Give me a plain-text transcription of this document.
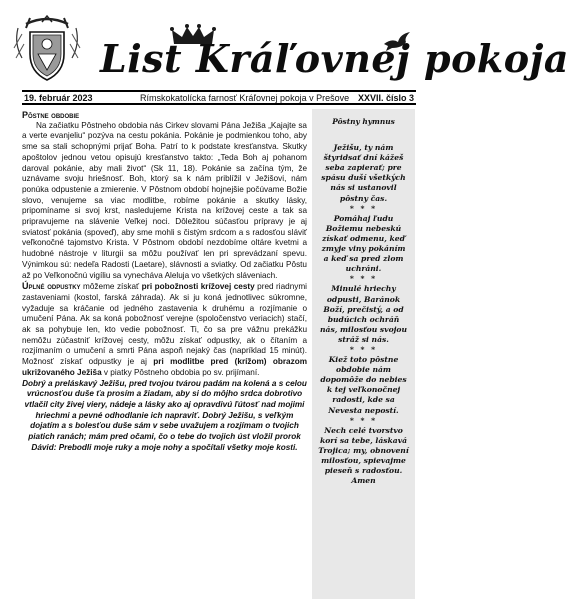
List Kráľovnej pokoja
19. február 2023	Rímskokatolícka farnosť Kráľovnej pokoja v Prešove XXVII. číslo 3

Pôstne obdobie

Na začiatku Pôstneho obdobia nás Cirkev slovami Pána Ježiša „Kajajte sa a verte evanjeliu“ pozýva na cestu pokánia. Pokánie je podmienkou toho, aby sme sa stali schopnými prijať Boha. Patrí to k podstate kresťanstva. Skutky apoštolov jednou vetou opisujú kresťanstvo takto: „Teda Boh aj pohanom daroval pokánie, aby mali život“ (Sk 11, 18). Pokánie sa začína tým, že uznávame svoju hriešnosť. Boh, ktorý sa k nám priblížil v Ježišovi, nám ponúka odpustenie a zmierenie. V Pôstnom období hojnejšie počúvame Božie slovo, venujeme sa viac modlitbe, robíme pokánie a skutky lásky, pripomíname si svoj krst, nasledujeme Krista na krížovej ceste a tak sa pripravujeme na slávenie Veľkej noci. Dôležitou súčasťou prípravy je aj sviatosť pokánia (spoveď), aby sme mohli s čistým srdcom a s radosťou sláviť veľkonočné tajomstvo Krista. V Pôstnom období nezdobíme oltáre kvetmi a hudobné nástroje v liturgii sa môžu používať len pri sprevádzaní spevu. Výnimkou sú: nedeľa Radosti (Laetare), slávnosti a sviatky. Od začiatku Pôstu až po Veľkonočnú vigíliu sa vynecháva Aleluja vo všetkých sláveniach.

Úplné odpustky môžeme získať pri pobožnosti krížovej cesty pred riadnymi zastaveniami (kostol, farská záhrada). Ak si ju koná jednotlivec súkromne, vyžaduje sa kráčanie od jedného zastavenia k druhému a rozjímanie o umučení Pána. Ak sa koná pobožnosť verejne (spoločenstvo veriacich) stačí, ak sa pohybuje len, kto vedie pobožnosť. Ti, čo sa pre vážnu prekážku nemôžu zúčastniť krížovej cesty, môžu získať odpustky, ak o čítaním a rozjímaním o umučení a smrti Pána aspoň nejaký čas (napríklad 15 minút). Možnosť získať odpustky je aj pri modlitbe pred (krížom) obrazom ukrižovaného Ježiša v piatky Pôstneho obdobia po sv. prijímaní.

Dobrý a preláskavý Ježišu, pred tvojou tvárou padám na kolená a s celou vrúcnosťou duše ťa prosím a žiadam, aby si do môjho srdca dobrotivo vtlačil city živej viery, nádeje a lásky ako aj opravdivú ľútosť nad mojimi hriechmi a pevné odhodlanie ich napraviť. Dobrý Ježišu, s veľkým dojatím a s bolesťou duše sám v sebe uvažujem a rozjímam o tvojich piatich ranách; mám pred očami, čo o tebe do tvojich úst vložil prorok Dávid: Prebodli moje ruky a moje nohy a spočítali všetky moje kosti.

Pôstny hymnus
Ježišu, ty nám štyridsať dní kážeš seba zapierať; pre spásu duší všetkých nás si ustanovil pôstny čas.
* * *
Pomáhaj ľudu Božiemu nebeskú získať odmenu, keď zmyje viny pokáním a keď sa pred zlom uchráni.
* * *
Minulé hriechy odpusti, Baránok Boží, prečistý, a od budúcich ochráň nás, milosťou svojou stráž si nás.
* * *
Kiež toto pôstne obdobie nám dopomôže do nebies k tej veľkonočnej radosti, kde sa Nevesta nepostí.
* * *
Nech celé tvorstvo korí sa tebe, láskavá Trojica; my, obnovení milosťou, spievajme pieseň s radosťou. Amen
